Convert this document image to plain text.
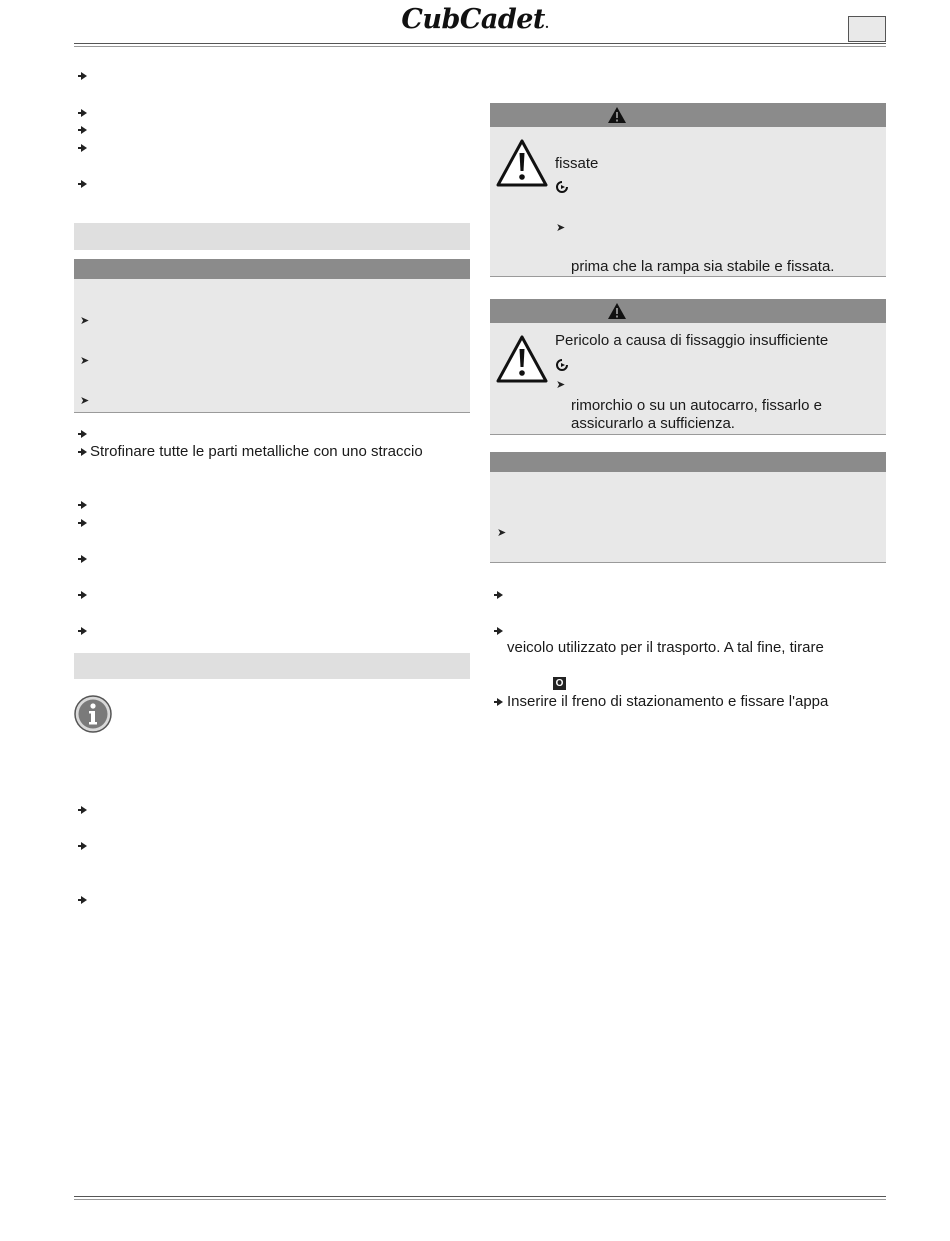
CubCadet.
➤
➤
➤
Strofinare tutte le parti metalliche con uno straccio
fissate
➤
prima che la rampa sia stabile e fissata.
Pericolo a causa di fissaggio insufficiente
➤
rimorchio o su un autocarro, fissarlo e
assicurarlo a sufficienza.
➤
veicolo utilizzato per il trasporto. A tal fine, tirare
O
Inserire il freno di stazionamento e fissare l'appa
